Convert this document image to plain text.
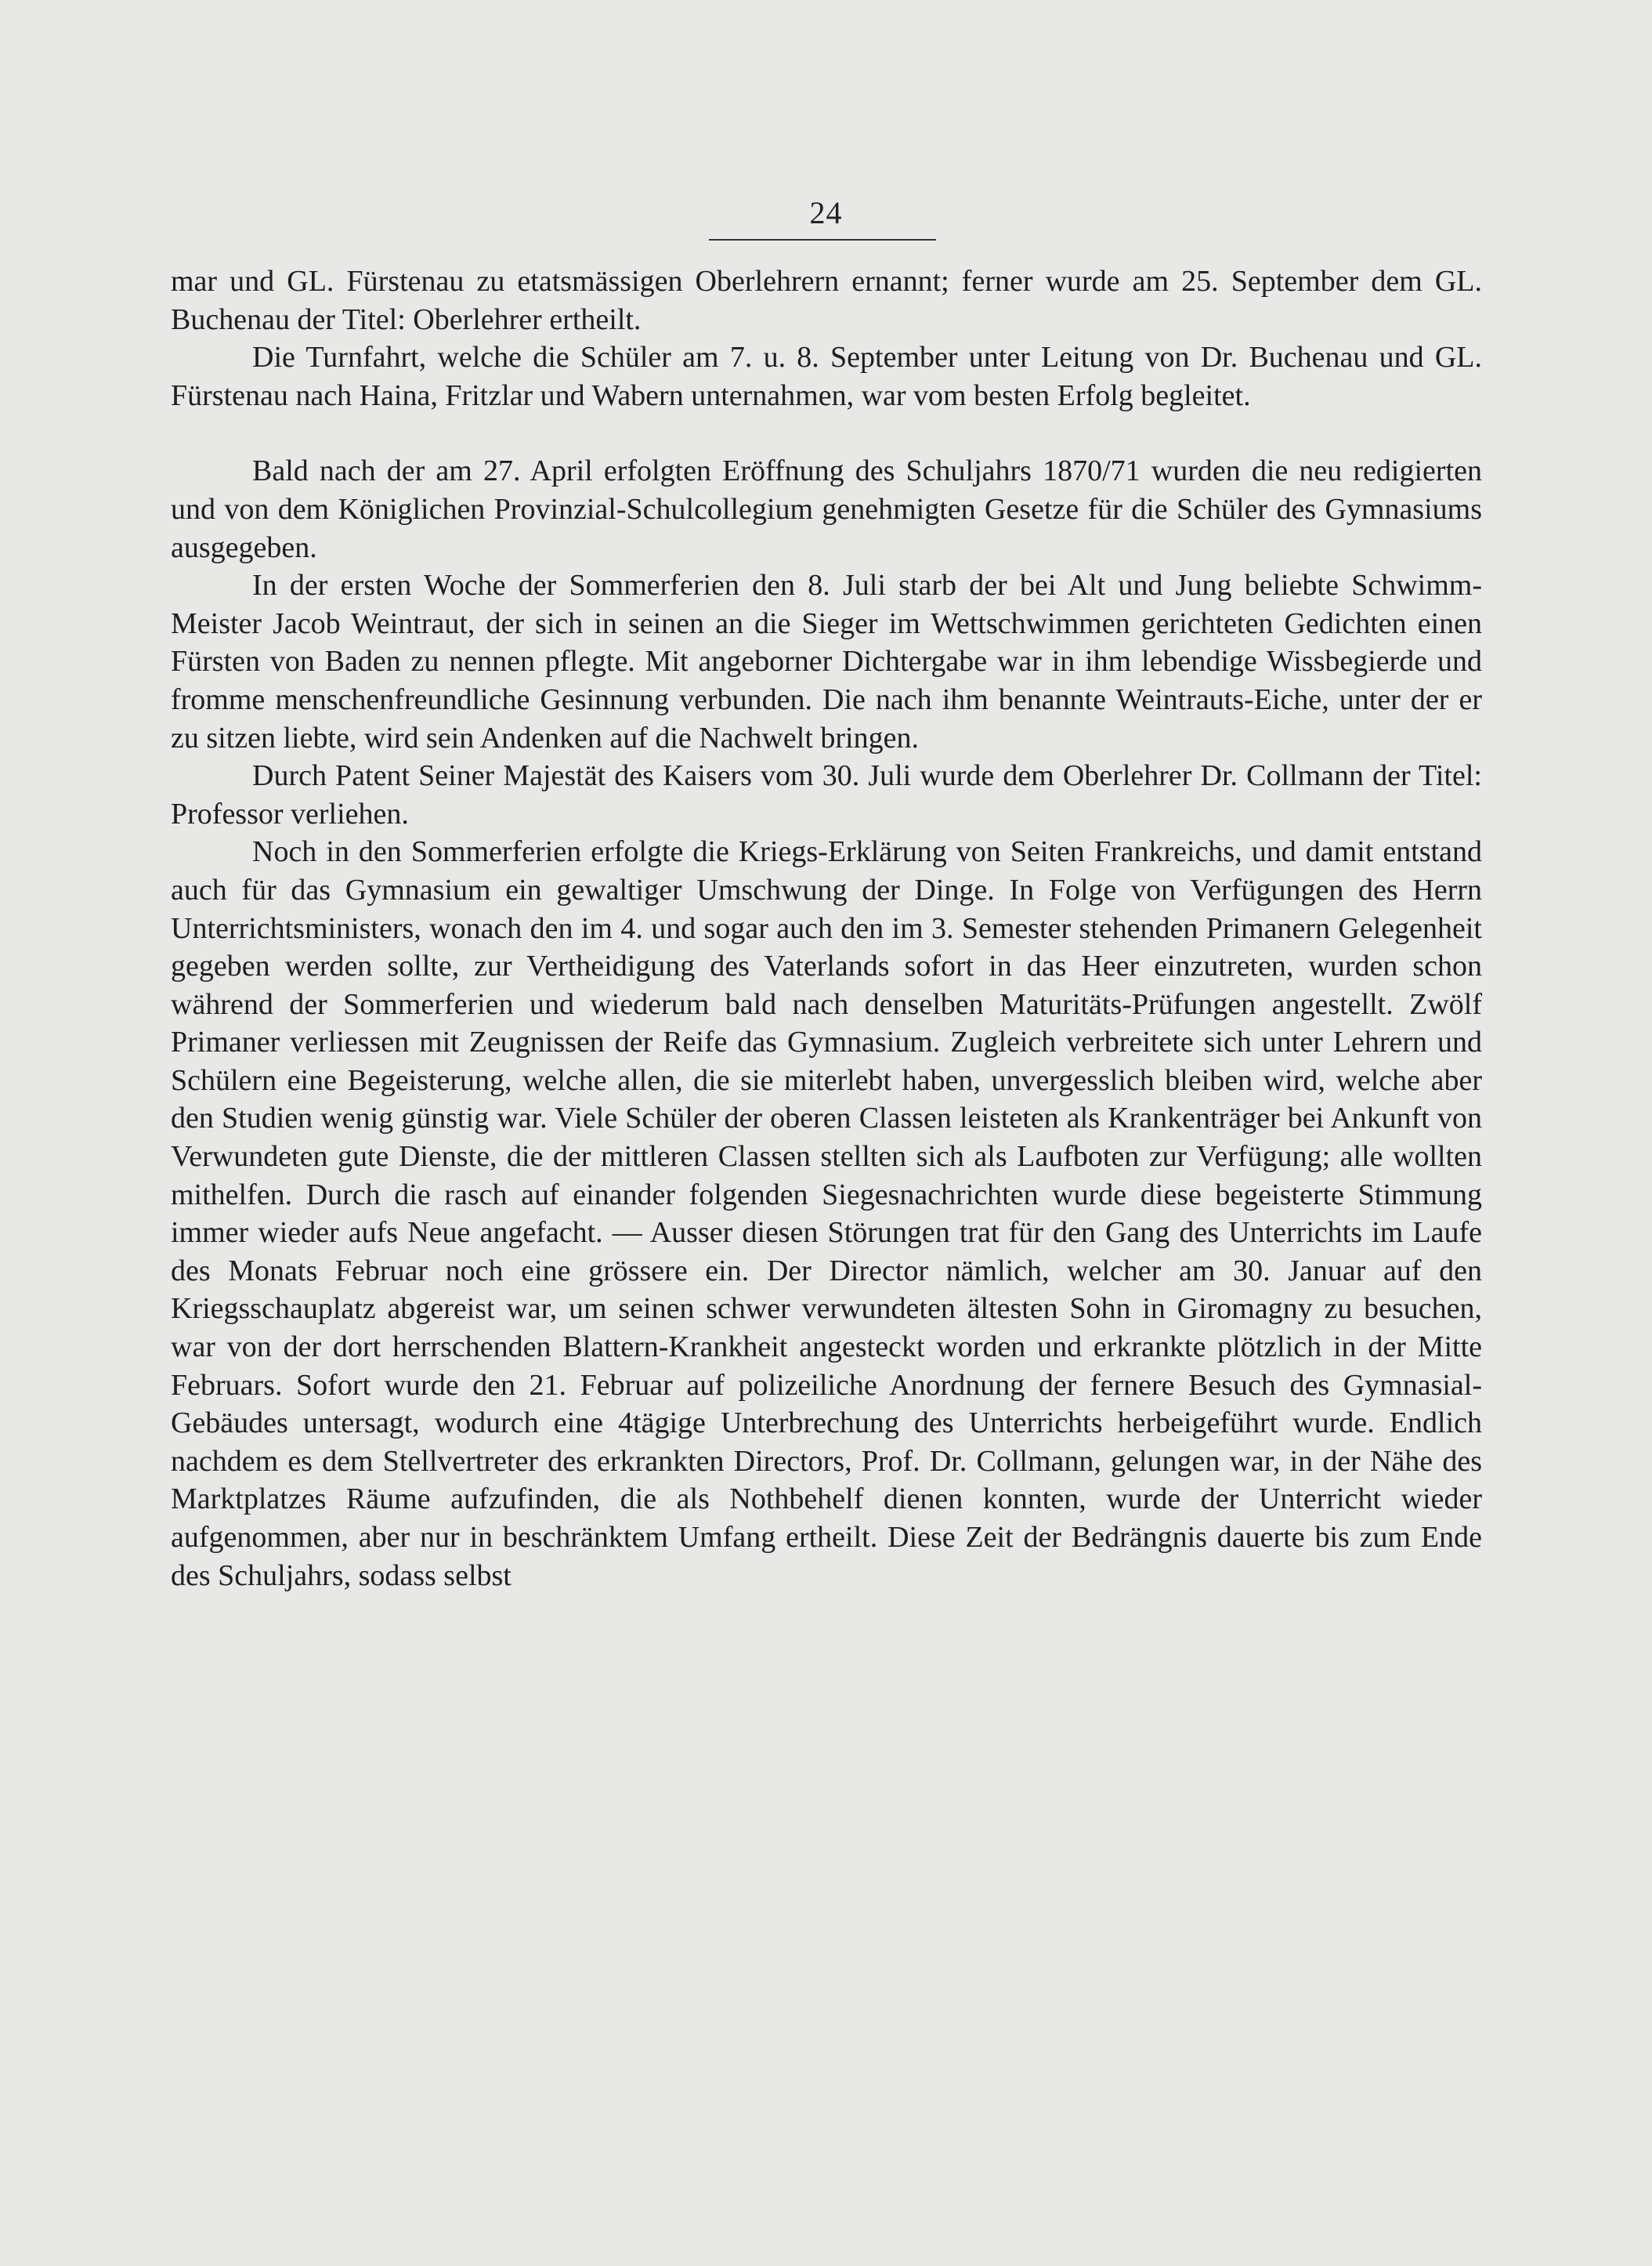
24

mar und GL. Fürstenau zu etatsmässigen Oberlehrern ernannt; ferner wurde am 25. September dem GL. Buchenau der Titel: Oberlehrer ertheilt.

Die Turnfahrt, welche die Schüler am 7. u. 8. September unter Leitung von Dr. Buchenau und GL. Fürstenau nach Haina, Fritzlar und Wabern unternahmen, war vom besten Erfolg begleitet.

Bald nach der am 27. April erfolgten Eröffnung des Schuljahrs 1870/71 wurden die neu redigierten und von dem Königlichen Provinzial-Schulcollegium genehmigten Gesetze für die Schüler des Gymnasiums ausgegeben.

In der ersten Woche der Sommerferien den 8. Juli starb der bei Alt und Jung beliebte Schwimm-Meister Jacob Weintraut, der sich in seinen an die Sieger im Wettschwimmen gerichteten Gedichten einen Fürsten von Baden zu nennen pflegte. Mit angeborner Dichtergabe war in ihm lebendige Wissbegierde und fromme menschenfreundliche Gesinnung verbunden. Die nach ihm benannte Weintrauts-Eiche, unter der er zu sitzen liebte, wird sein Andenken auf die Nachwelt bringen.

Durch Patent Seiner Majestät des Kaisers vom 30. Juli wurde dem Oberlehrer Dr. Collmann der Titel: Professor verliehen.

Noch in den Sommerferien erfolgte die Kriegs-Erklärung von Seiten Frankreichs, und damit entstand auch für das Gymnasium ein gewaltiger Umschwung der Dinge. In Folge von Verfügungen des Herrn Unterrichtsministers, wonach den im 4. und sogar auch den im 3. Semester stehenden Primanern Gelegenheit gegeben werden sollte, zur Vertheidigung des Vaterlands sofort in das Heer einzutreten, wurden schon während der Sommerferien und wiederum bald nach denselben Maturitäts-Prüfungen angestellt. Zwölf Primaner verliessen mit Zeugnissen der Reife das Gymnasium. Zugleich verbreitete sich unter Lehrern und Schülern eine Begeisterung, welche allen, die sie miterlebt haben, unvergesslich bleiben wird, welche aber den Studien wenig günstig war. Viele Schüler der oberen Classen leisteten als Krankenträger bei Ankunft von Verwundeten gute Dienste, die der mittleren Classen stellten sich als Laufboten zur Verfügung; alle wollten mithelfen. Durch die rasch auf einander folgenden Siegesnachrichten wurde diese begeisterte Stimmung immer wieder aufs Neue angefacht. — Ausser diesen Störungen trat für den Gang des Unterrichts im Laufe des Monats Februar noch eine grössere ein. Der Director nämlich, welcher am 30. Januar auf den Kriegsschauplatz abgereist war, um seinen schwer verwundeten ältesten Sohn in Giromagny zu besuchen, war von der dort herrschenden Blattern-Krankheit angesteckt worden und erkrankte plötzlich in der Mitte Februars. Sofort wurde den 21. Februar auf polizeiliche Anordnung der fernere Besuch des Gymnasial-Gebäudes untersagt, wodurch eine 4tägige Unterbrechung des Unterrichts herbeigeführt wurde. Endlich nachdem es dem Stellvertreter des erkrankten Directors, Prof. Dr. Collmann, gelungen war, in der Nähe des Marktplatzes Räume aufzufinden, die als Nothbehelf dienen konnten, wurde der Unterricht wieder aufgenommen, aber nur in beschränktem Umfang ertheilt. Diese Zeit der Bedrängnis dauerte bis zum Ende des Schuljahrs, sodass selbst
